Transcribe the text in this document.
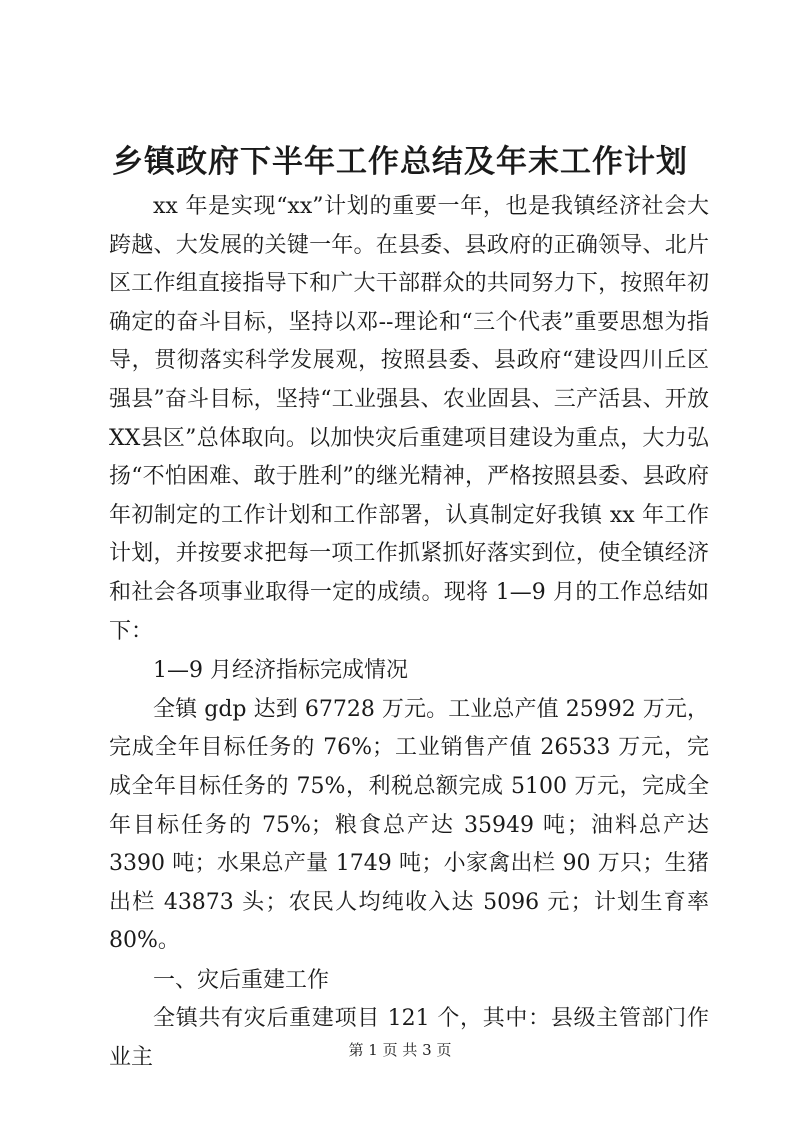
乡镇政府下半年工作总结及年末工作计划

xx 年是实现“xx”计划的重要一年，也是我镇经济社会大跨越、大发展的关键一年。在县委、县政府的正确领导、北片区工作组直接指导下和广大干部群众的共同努力下，按照年初确定的奋斗目标，坚持以邓--理论和“三个代表”重要思想为指导，贯彻落实科学发展观，按照县委、县政府“建设四川丘区强县”奋斗目标，坚持“工业强县、农业固县、三产活县、开放XX县区”总体取向。以加快灾后重建项目建设为重点，大力弘扬“不怕困难、敢于胜利”的继光精神，严格按照县委、县政府年初制定的工作计划和工作部署，认真制定好我镇 xx 年工作计划，并按要求把每一项工作抓紧抓好落实到位，使全镇经济和社会各项事业取得一定的成绩。现将 1—9 月的工作总结如下：

1—9 月经济指标完成情况

全镇 gdp 达到 67728 万元。工业总产值 25992 万元，完成全年目标任务的 76%；工业销售产值 26533 万元，完成全年目标任务的 75%，利税总额完成 5100 万元，完成全年目标任务的 75%；粮食总产达 35949 吨；油料总产达 3390 吨；水果总产量 1749 吨；小家禽出栏 90 万只；生猪出栏 43873 头；农民人均纯收入达 5096 元；计划生育率 80%。

一、灾后重建工作

全镇共有灾后重建项目 121 个，其中：县级主管部门作业主	第 1 页 共 3 页
